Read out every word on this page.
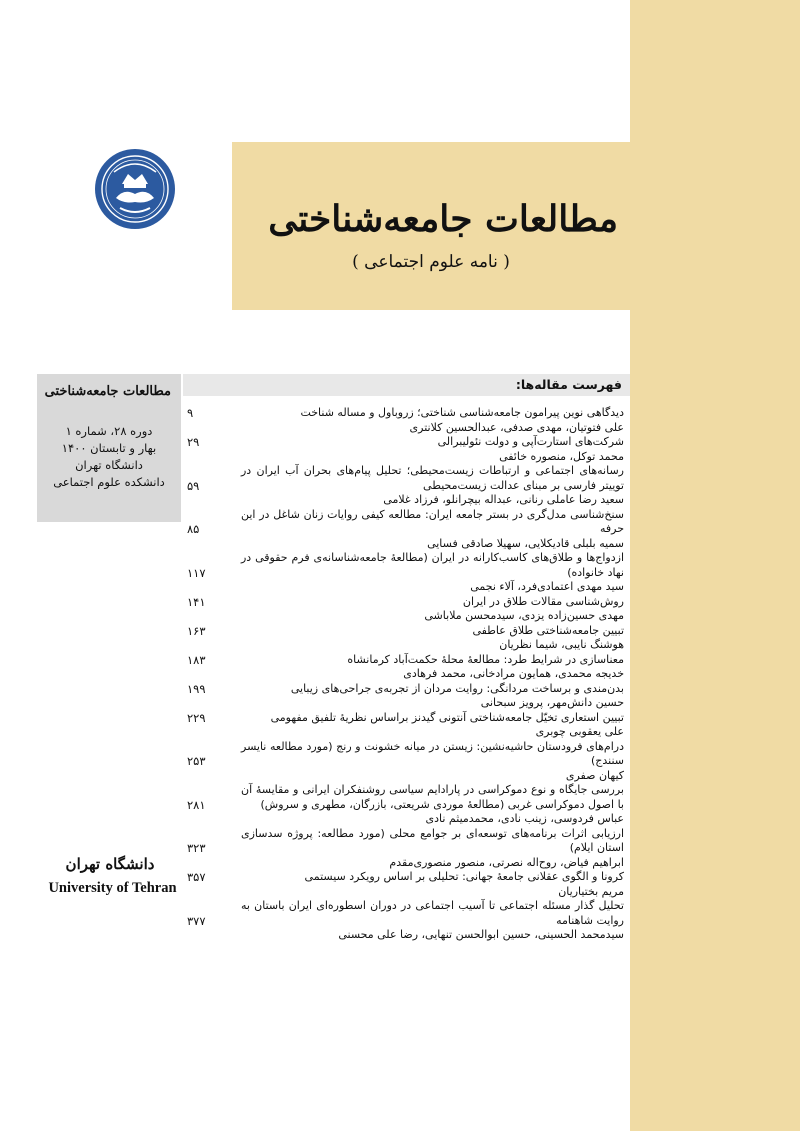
مطالعات جامعه‌شناختی
( نامه علوم اجتماعی )
مطالعات جامعه‌شناختی
دوره ۲۸، شماره ۱
بهار و تابستان ۱۴۰۰
دانشگاه تهران
دانشکده علوم اجتماعی
دانشگاه تهران
University of Tehran
فهرست مقاله‌ها:
دیدگاهی نوین پیرامون جامعه‌شناسی شناختی؛ زروباول و مساله شناخت
۹
علی فتوتیان، مهدی صدفی، عبدالحسین کلانتری
شرکت‌های استارت‌آپی و دولت نئولیبرالی
۲۹
محمد توکل، منصوره خائفی
رسانه‌های اجتماعی و ارتباطات زیست‌محیطی؛ تحلیل پیام‌های بحران آب ایران در توییتر فارسی بر مبنای عدالت زیست‌محیطی
۵۹
سعید رضا عاملی رنانی، عبداله بیچرانلو، فرزاد غلامی
سنخ‌شناسی مدل‌گری در بستر جامعه ایران: مطالعه کیفی روایات زنان شاغل در این حرفه
۸۵
سمیه بلبلی قادیکلایی، سهیلا صادقی فسایی
ازدواج‌ها و طلاق‌های کاسب‌کارانه در ایران (مطالعهٔ جامعه‌شناسانه‌ی فرم حقوقی در نهاد خانواده)
۱۱۷
سید مهدی اعتمادی‌فرد، آلاء نجمی
روش‌شناسی مقالات طلاق در ایران
۱۴۱
مهدی حسین‌زاده یزدی، سیدمحسن ملاباشی
تبیین جامعه‌شناختی طلاق عاطفی
۱۶۳
هوشنگ نایبی، شیما نظریان
معناسازی در شرایط طرد: مطالعهٔ محلهٔ حکمت‌آباد کرمانشاه
۱۸۳
خدیجه محمدی، همایون مرادخانی، محمد فرهادی
بدن‌مندی و برساخت مردانگی: روایت مردان از تجربه‌ی جراحی‌های زیبایی
۱۹۹
حسین دانش‌مهر، پرویز سبحانی
تبیین استعاری تخیّل جامعه‌شناختی آنتونی گیدنز براساس نظریهٔ تلفیق مفهومی
۲۲۹
علی یعقوبی چوبری
درام‌های فرودستان حاشیه‌نشین: زیستن در میانه خشونت و رنج (مورد مطالعه نایسر سنندج)
۲۵۳
کیهان صفری
بررسی جایگاه و نوع دموکراسی در پارادایم سیاسی روشنفکران ایرانی و مقایسهٔ آن با اصول دموکراسی غربی (مطالعهٔ موردی شریعتی، بازرگان، مطهری و سروش)
۲۸۱
عباس فردوسی، زینب نادی، محمدمیثم نادی
ارزیابی اثرات برنامه‌های توسعه‌ای بر جوامع محلی (مورد مطالعه: پروژه سدسازی استان ایلام)
۳۲۳
ابراهیم فیاض، روح‌اله نصرتی، منصور منصوری‌مقدم
کرونا و الگوی عقلانی جامعهٔ جهانی: تحلیلی بر اساس رویکرد سیستمی
۳۵۷
مریم بختیاریان
تحلیل گذار مسئله اجتماعی تا آسیب اجتماعی در دوران اسطوره‌ای ایران باستان به روایت شاهنامه
۳۷۷
سیدمحمد الحسینی، حسین ابوالحسن تنهایی، رضا علی محسنی
